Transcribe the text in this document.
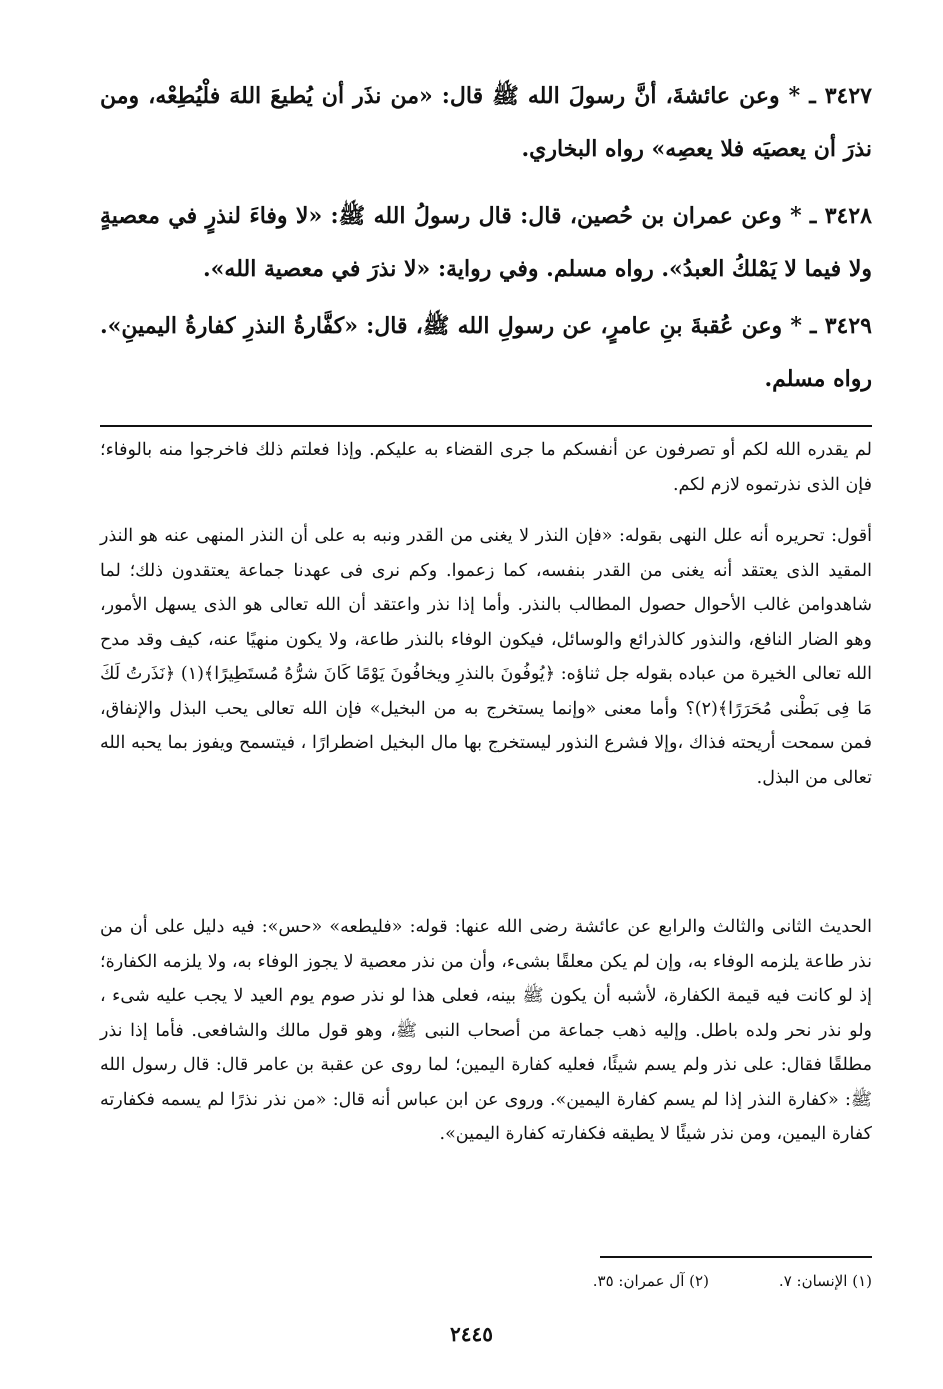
٣٤٢٧ ـ * وعن عائشةَ، أنَّ رسولَ الله ﷺ قال: «من نذَر أن يُطيعَ اللهَ فلْيُطِعْه، ومن نذرَ أن يعصيَه فلا يعصِه» رواه البخاري.

٣٤٢٨ ـ * وعن عمران بن حُصين، قال: قال رسولُ الله ﷺ: «لا وفاءَ لنذرٍ في معصيةٍ ولا فيما لا يَمْلكُ العبدُ». رواه مسلم. وفي رواية: «لا نذرَ في معصية الله».

٣٤٢٩ ـ * وعن عُقبةَ بنِ عامرٍ، عن رسولِ الله ﷺ، قال: «كفَّارةُ النذرِ كفارةُ اليمينِ». رواه مسلم.

لم يقدره الله لكم أو تصرفون عن أنفسكم ما جرى القضاء به عليكم. وإذا فعلتم ذلك فاخرجوا منه بالوفاء؛ فإن الذى نذرتموه لازم لكم.

أقول: تحريره أنه علل النهى بقوله: «فإن النذر لا يغنى من القدر ونبه به على أن النذر المنهى عنه هو النذر المقيد الذى يعتقد أنه يغنى من القدر بنفسه، كما زعموا. وكم نرى فى عهدنا جماعة يعتقدون ذلك؛ لما شاهدوامن غالب الأحوال حصول المطالب بالنذر. وأما إذا نذر واعتقد أن الله تعالى هو الذى يسهل الأمور، وهو الضار النافع، والنذور كالذرائع والوسائل، فيكون الوفاء بالنذر طاعة، ولا يكون منهيًا عنه، كيف وقد مدح الله تعالى الخيرة من عباده بقوله جل ثناؤه: ﴿يُوفُونَ بالنذرِ ويخافُونَ يَوْمًا كَانَ شرُّهُ مُستَطِيرًا﴾(١) ﴿نَذَرتُ لَكَ مَا فِى بَطْنى مُحَرَرًا﴾(٢)؟ وأما معنى «وإنما يستخرج به من البخيل» فإن الله تعالى يحب البذل والإنفاق، فمن سمحت أريحته فذاك ،وإلا فشرع النذور ليستخرج بها مال البخيل اضطرارًا ، فيتسمح ويفوز بما يحبه الله تعالى من البذل.

الحديث الثانى والثالث والرابع عن عائشة رضى الله عنها: قوله: «فليطعه» «حس»: فيه دليل على أن من نذر طاعة يلزمه الوفاء به، وإن لم يكن معلقًا بشىء، وأن من نذر معصية لا يجوز الوفاء به، ولا يلزمه الكفارة؛ إذ لو كانت فيه قيمة الكفارة، لأشبه أن يكون ﷺ بينه، فعلى هذا لو نذر صوم يوم العيد لا يجب عليه شىء ، ولو نذر نحر ولده باطل. وإليه ذهب جماعة من أصحاب النبى ﷺ، وهو قول مالك والشافعى. فأما إذا نذر مطلقًا فقال: على نذر ولم يسم شيئًا، فعليه كفارة اليمين؛ لما روى عن عقبة بن عامر قال: قال رسول الله ﷺ: «كفارة النذر إذا لم يسم كفارة اليمين». وروى عن ابن عباس أنه قال: «من نذر نذرًا لم يسمه فكفارته كفارة اليمين، ومن نذر شيئًا لا يطيقه فكفارته كفارة اليمين».

(١) الإنسان: ٧.
(٢) آل عمران: ٣٥.
٢٤٤٥
